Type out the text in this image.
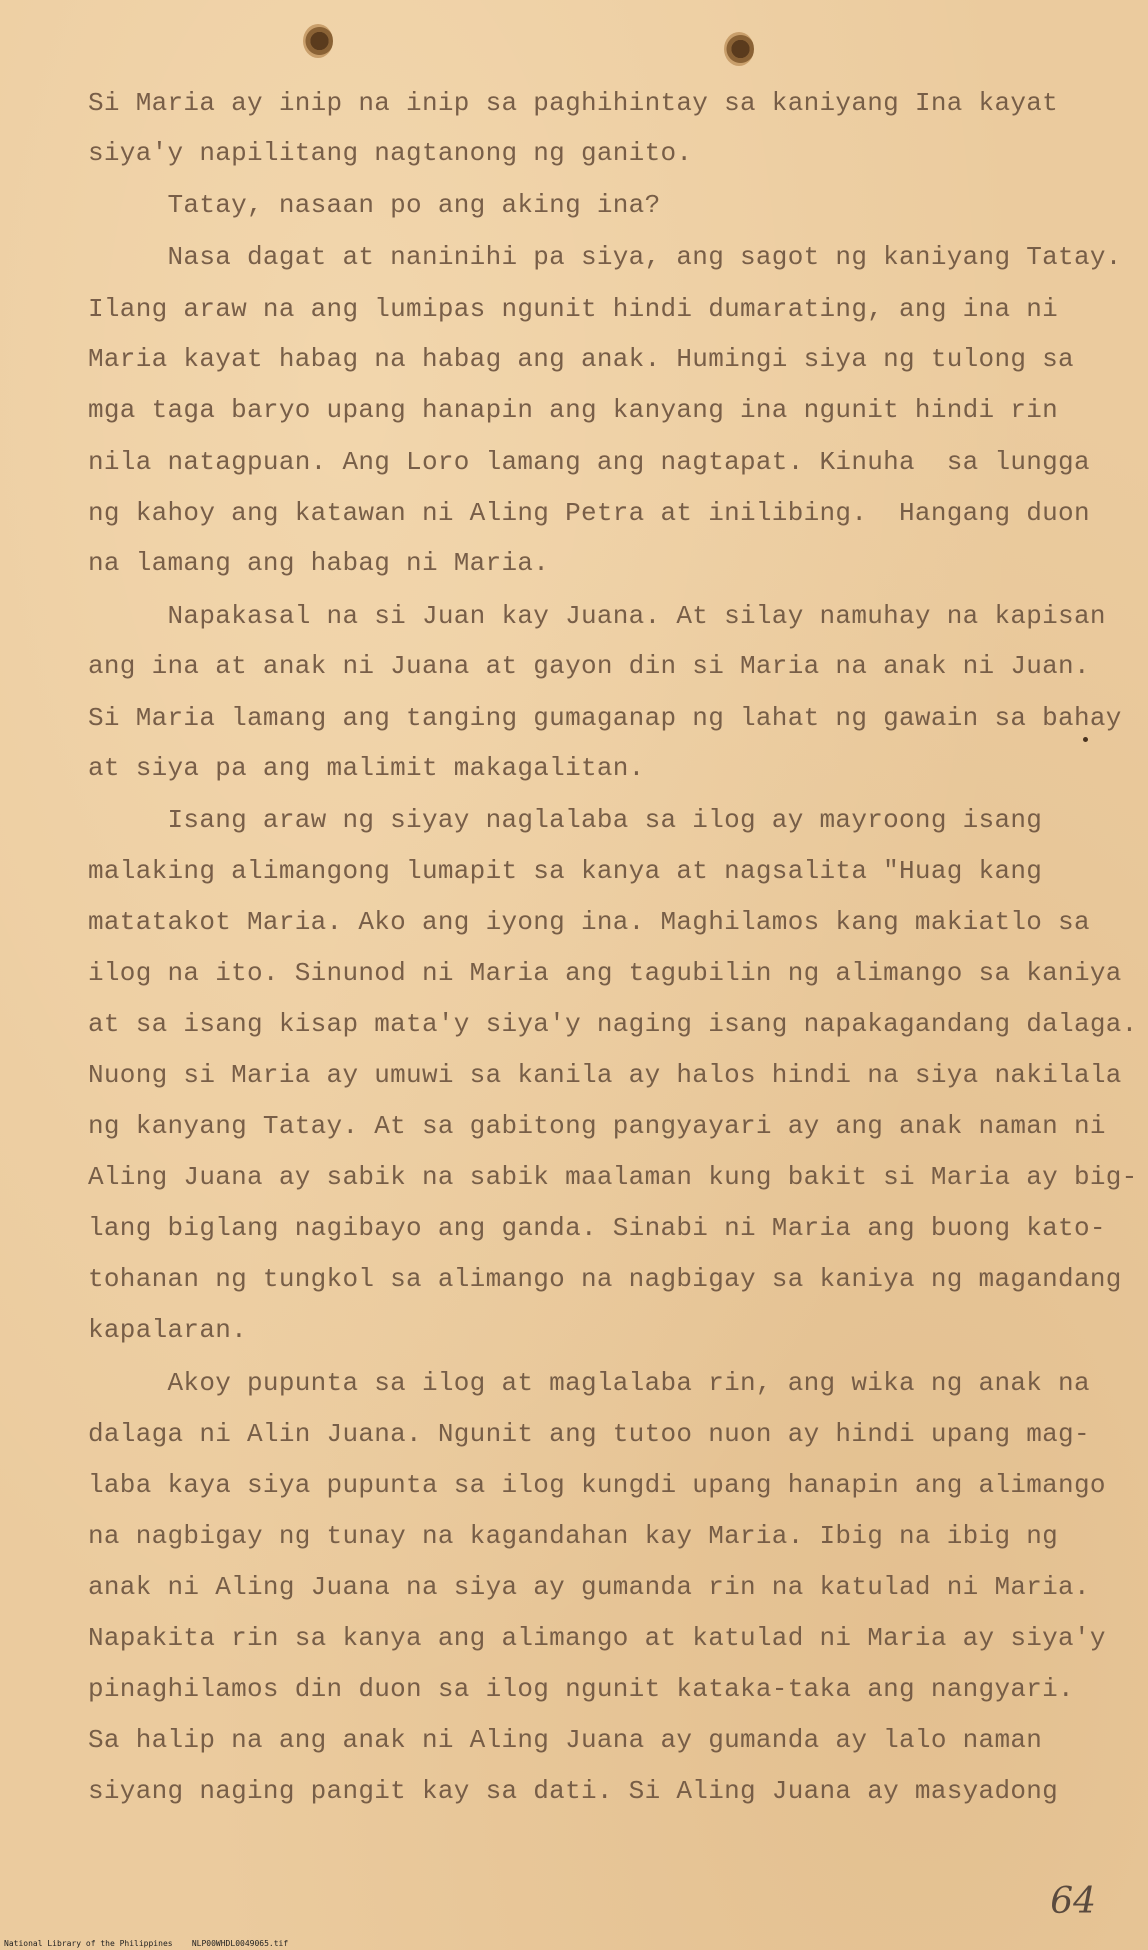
Si Maria ay inip na inip sa paghihintay sa kaniyang Ina kayat
siya'y napilitang nagtanong ng ganito.
Tatay, nasaan po ang aking ina?
Nasa dagat at naninihi pa siya, ang sagot ng kaniyang Tatay.
Ilang araw na ang lumipas ngunit hindi dumarating, ang ina ni
Maria kayat habag na habag ang anak. Humingi siya ng tulong sa
mga taga baryo upang hanapin ang kanyang ina ngunit hindi rin
nila natagpuan. Ang Loro lamang ang nagtapat. Kinuha  sa lungga
ng kahoy ang katawan ni Aling Petra at inilibing.  Hangang duon
na lamang ang habag ni Maria.
Napakasal na si Juan kay Juana. At silay namuhay na kapisan
ang ina at anak ni Juana at gayon din si Maria na anak ni Juan.
Si Maria lamang ang tanging gumaganap ng lahat ng gawain sa bahay
at siya pa ang malimit makagalitan.
Isang araw ng siyay naglalaba sa ilog ay mayroong isang
malaking alimangong lumapit sa kanya at nagsalita "Huag kang
matatakot Maria. Ako ang iyong ina. Maghilamos kang makiatlo sa
ilog na ito. Sinunod ni Maria ang tagubilin ng alimango sa kaniya
at sa isang kisap mata'y siya'y naging isang napakagandang dalaga.
Nuong si Maria ay umuwi sa kanila ay halos hindi na siya nakilala
ng kanyang Tatay. At sa gabitong pangyayari ay ang anak naman ni
Aling Juana ay sabik na sabik maalaman kung bakit si Maria ay big-
lang biglang nagibayo ang ganda. Sinabi ni Maria ang buong kato-
tohanan ng tungkol sa alimango na nagbigay sa kaniya ng magandang
kapalaran.
Akoy pupunta sa ilog at maglalaba rin, ang wika ng anak na
dalaga ni Alin Juana. Ngunit ang tutoo nuon ay hindi upang mag-
laba kaya siya pupunta sa ilog kungdi upang hanapin ang alimango
na nagbigay ng tunay na kagandahan kay Maria. Ibig na ibig ng
anak ni Aling Juana na siya ay gumanda rin na katulad ni Maria.
Napakita rin sa kanya ang alimango at katulad ni Maria ay siya'y
pinaghilamos din duon sa ilog ngunit kataka-taka ang nangyari.
Sa halip na ang anak ni Aling Juana ay gumanda ay lalo naman
siyang naging pangit kay sa dati. Si Aling Juana ay masyadong
64
National Library of the Philippines    NLP00WHDL0049065.tif
